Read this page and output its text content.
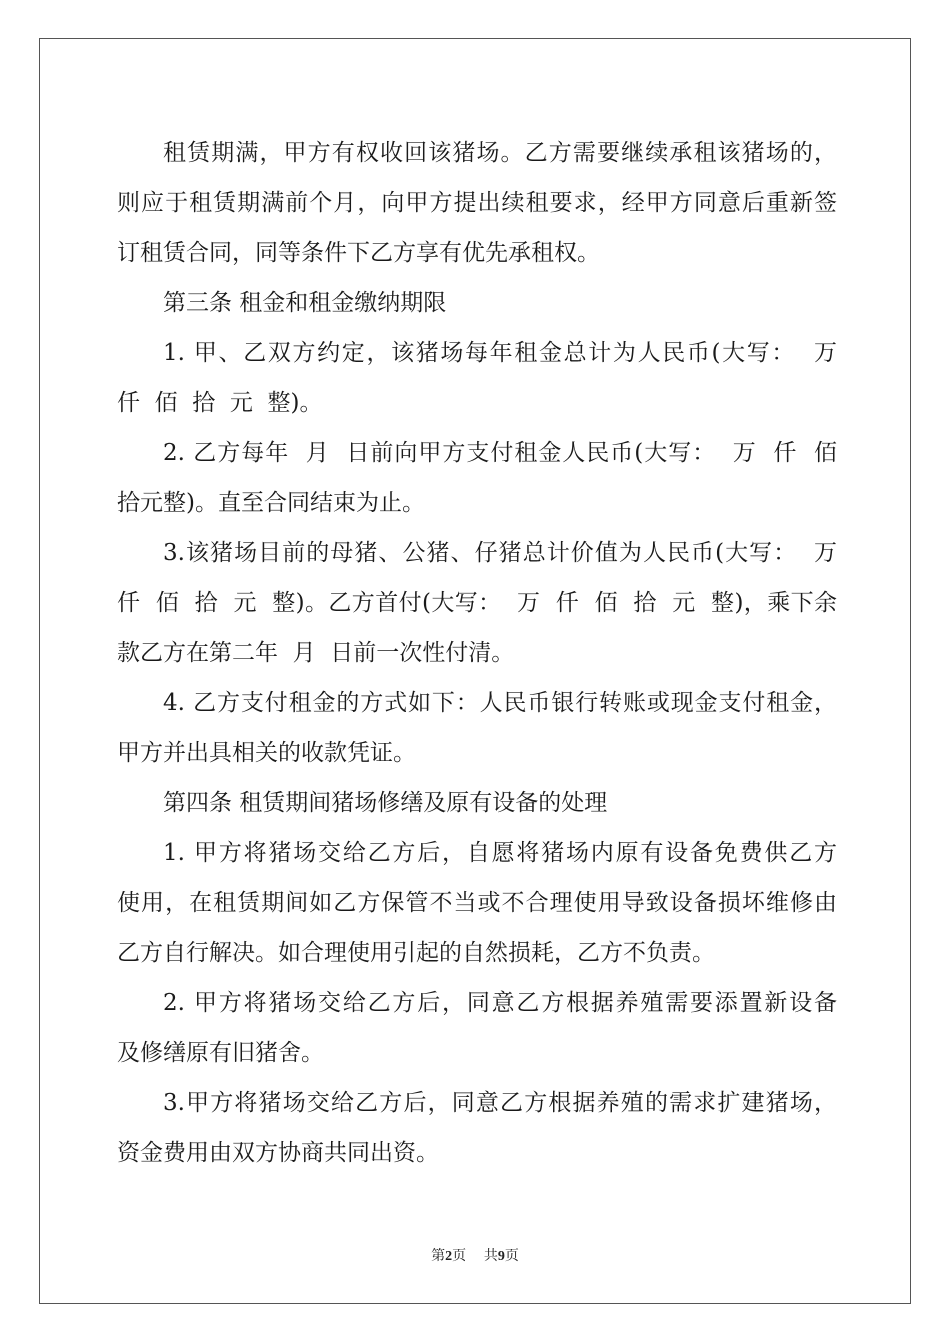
租赁期满，甲方有权收回该猪场。乙方需要继续承租该猪场的，
则应于租赁期满前个月，向甲方提出续租要求，经甲方同意后重新签
订租赁合同，同等条件下乙方享有优先承租权。
第三条 租金和租金缴纳期限
1. 甲、乙双方约定，该猪场每年租金总计为人民币(大写：  万
仟  佰  拾  元  整)。
2. 乙方每年  月  日前向甲方支付租金人民币(大写：  万  仟  佰
拾元整)。直至合同结束为止。
3.该猪场目前的母猪、公猪、仔猪总计价值为人民币(大写：  万
仟  佰  拾  元  整)。乙方首付(大写：  万  仟  佰  拾  元  整)，乘下余
款乙方在第二年  月  日前一次性付清。
4. 乙方支付租金的方式如下：人民币银行转账或现金支付租金，
甲方并出具相关的收款凭证。
第四条 租赁期间猪场修缮及原有设备的处理
1. 甲方将猪场交给乙方后，自愿将猪场内原有设备免费供乙方
使用，在租赁期间如乙方保管不当或不合理使用导致设备损坏维修由
乙方自行解决。如合理使用引起的自然损耗，乙方不负责。
2. 甲方将猪场交给乙方后，同意乙方根据养殖需要添置新设备
及修缮原有旧猪舍。
3.甲方将猪场交给乙方后，同意乙方根据养殖的需求扩建猪场，
资金费用由双方协商共同出资。
第2页    共9页
